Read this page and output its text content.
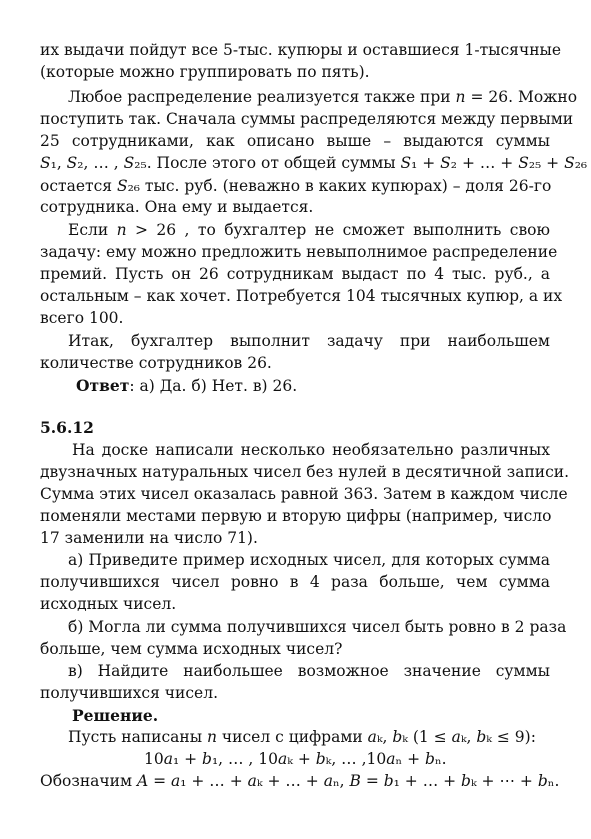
их выдачи пойдут все 5-тыс. купюры и оставшиеся 1-тысячные
(которые можно группировать по пять).
Любое распределение реализуется также при 𝑛 = 26. Можно
поступить так. Сначала суммы распределяются между первыми
25 сотрудниками, как описано выше – выдаются суммы
𝑆₁, 𝑆₂, … , 𝑆₂₅. После этого от общей суммы 𝑆₁ + 𝑆₂ + … + 𝑆₂₅ + 𝑆₂₆
остается 𝑆₂₆ тыс. руб. (неважно в каких купюрах) – доля 26-го
сотрудника. Она ему и выдается.
Если 𝑛 > 26 , то бухгалтер не сможет выполнить свою
задачу: ему можно предложить невыполнимое распределение
премий. Пусть он 26 сотрудникам выдаст по 4 тыс. руб., а
остальным – как хочет. Потребуется 104 тысячных купюр, а их
всего 100.
Итак, бухгалтер выполнит задачу при наибольшем
количестве сотрудников 26.
Ответ: а) Да. б) Нет. в) 26.
5.6.12
На доске написали несколько необязательно различных
двузначных натуральных чисел без нулей в десятичной записи.
Сумма этих чисел оказалась равной 363. Затем в каждом числе
поменяли местами первую и вторую цифры (например, число
17 заменили на число 71).
а) Приведите пример исходных чисел, для которых сумма
получившихся чисел ровно в 4 раза больше, чем сумма
исходных чисел.
б) Могла ли сумма получившихся чисел быть ровно в 2 раза
больше, чем сумма исходных чисел?
в) Найдите наибольшее возможное значение суммы
получившихся чисел.
Решение.
Пусть написаны 𝑛 чисел с цифрами 𝑎ₖ, 𝑏ₖ (1 ≤ 𝑎ₖ, 𝑏ₖ ≤ 9):
10𝑎₁ + 𝑏₁, … , 10𝑎ₖ + 𝑏ₖ, … ,10𝑎ₙ + 𝑏ₙ.
Обозначим 𝐴 = 𝑎₁ + … + 𝑎ₖ + … + 𝑎ₙ, 𝐵 = 𝑏₁ + … + 𝑏ₖ + ⋯ + 𝑏ₙ.
